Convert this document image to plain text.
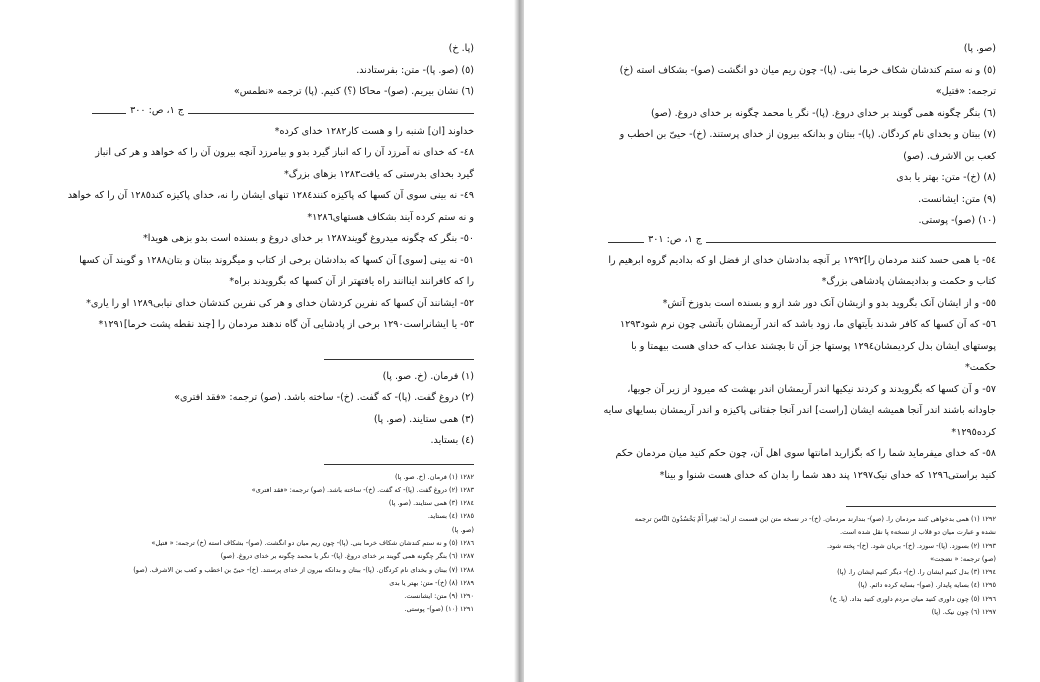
(پا. خ)
(٥) (صو. پا)- متن: بفرستادند.
(٦) نشان بیریم. (صو)- محاکا (؟) کنیم. (پا) ترجمه «نطمس»
ج ۱، ص: ۳۰۰
خداوند [ان] شنبه را و هست کار۱۲۸۲ خدای کرده*
٤٨- که خدای نه آمرزد آن را که انباز گیرد بدو و بیامرزد آنچه بیرون آن را که خواهد و هر کی انباز
گیرد بخدای بدرستی که یافت۱۲۸۳ بزهای بزرگ*
٤٩- نه بینی سوی آن کسها که پاکیزه کنند۱۲۸٤ تنهای ایشان را نه، خدای پاکیزه کند۱۲۸٥ آن را که خواهد
و نه ستم کرده آیند بشکاف هستهای۱۲۸٦*
٥٠- بنگر که چگونه میدروغ گویند۱۲۸۷ بر خدای دروغ و بسنده است بدو بزهی هویدا*
٥١- نه بینی [سوی] آن کسها که بدادشان برخی از کتاب و میگروند ببتان و بتان۱۲۸۸ و گویند آن کسها
را که کافرانند ایناانند راه یافتهتر از آن کسها که بگرویدند براه*
٥٢- ایشانند آن کسها که نفرین کردشان خدای و هر کی نفرین کندشان خدای نیابی۱۲۸۹ او را یاری*
٥٣- یا ایشانراست۱۲۹۰ برخی از پادشایی آن گاه ندهند مردمان را [چند نقطه پشت خرما]۱۲۹۱*
(۱) فرمان. (خ. صو. پا)
(۲) دروغ گفت. (پا)- که گفت. (خ)- ساخته باشد. (صو) ترجمه: «فقد افتری»
(۳) همی ستایند. (صو. پا)
(٤) بستاید.
۱۲۸۲ (۱) فرمان. (خ. صو. پا)
۱۲۸۳ (۲) دروغ گفت. (پا)- که گفت. (خ)- ساخته باشد. (صو) ترجمه: «فقد افتری»
۱۲۸٤ (۳) همی ستایند. (صو. پا)
۱۲۸٥ (٤) بستاید.
(صو. پا)
۱۲۸٦ (٥) و نه ستم کندشان شکاف خرما بنی. (پا)- چون ریم میان دو انگشت. (صو)- بشکاف استه (خ) ترجمه: « فتیل»
۱۲۸۷ (٦) بنگر چگونه همی گویند بر خدای دروغ. (پا)- نگر یا محمد چگونه بر خدای دروغ. (صو)
۱۲۸۸ (۷) ببتان و بخدای نام کردگان. (پا)- ببتان و بدانکه بیرون از خدای پرستند. (خ)- حییّ بن اخطب و کعب بن الاشرف. (صو)
۱۲۸۹ (۸) (خ)- متن: بهتر یا بدی
۱۲۹۰ (۹) متن: ایشانست.
۱۲۹۱ (۱۰) (صو)- پوستی.
(صو. پا)
(٥) و نه ستم کندشان شکاف خرما بنی. (پا)- چون ریم میان دو انگشت (صو)- بشکاف استه (خ)
ترجمه: «فتیل»
(٦) بنگر چگونه همی گویند بر خدای دروغ. (پا)- نگر یا محمد چگونه بر خدای دروغ. (صو)
(۷) ببتان و بخدای نام کردگان. (پا)- ببتان و بدانکه بیرون از خدای پرستند. (خ)- حییّ بن اخطب و
کعب بن الاشرف. (صو)
(۸) (خ)- متن: بهتر یا بدی
(۹) متن: ایشانست.
(۱۰) (صو)- پوستی.
ج ۱، ص: ۳۰۱
٥٤- یا همی حسد کنند مردمان را]۱۲۹۲ بر آنچه بدادشان خدای از فضل او که بدادیم گروه ابرهیم را
کتاب و حکمت و بدادیمشان پادشاهی بزرگ*
٥٥- و از ایشان آنک بگروید بدو و ازیشان آنک دور شد ازو و بسنده است بدوزخ آتش*
٥٦- که آن کسها که کافر شدند بآیتهای ما، زود باشد که اندر آریمشان بآتشی چون نرم شود۱۲۹۳
پوستهای ایشان بدل کردیمشان۱۲۹٤ پوستها جز آن تا بچشند عذاب که خدای هست بیهمتا و با
حکمت*
٥۷- و آن کسها که بگرویدند و کردند نیکیها اندر آریمشان اندر بهشت که میرود از زیر آن جویها،
جاودانه باشند اندر آنجا همیشه ایشان [راست] اندر آنجا جفتانی پاکیزه و اندر آریمشان بسایهای سایه
کرده۱۲۹٥*
٥۸- که خدای میفرماید شما را که بگزارید امانتها سوی اهل آن، چون حکم کنید میان مردمان حکم
کنید براستی۱۲۹٦ که خدای نیک۱۲۹۷ پند دهد شما را بدان که خدای هست شنوا و بینا*
۱۲۹۲ (۱) همی بدخواهی کنند مردمان را. (صو)- بندارند مردمان. (خ)- در نسخه متن این قسمت از آیه: تَغِیراً أَمْ یَحْسُدُونَ النَّاسَ ترجمه
نشده و عبارت میان دو قلاب از نسخهء پا نقل شده است.
۱۲۹۳ (۲) بسوزد. (پا)- سوزد. (خ)- بریان شود. (خ)- پخته شود.
(صو) ترجمه: « نضجت»
۱۲۹٤ (۳) بدل کنیم ایشان را. (خ)- دیگر کنیم ایشان را. (پا)
۱۲۹٥ (٤) بسایه پایدار. (صو)- بسایه کرده دائم. (پا)
۱۲۹٦ (٥) چون داوری کنید میان مردم داوری کنید بداد. (پا. خ)
۱۲۹۷ (٦) چون نیک. (پا)
